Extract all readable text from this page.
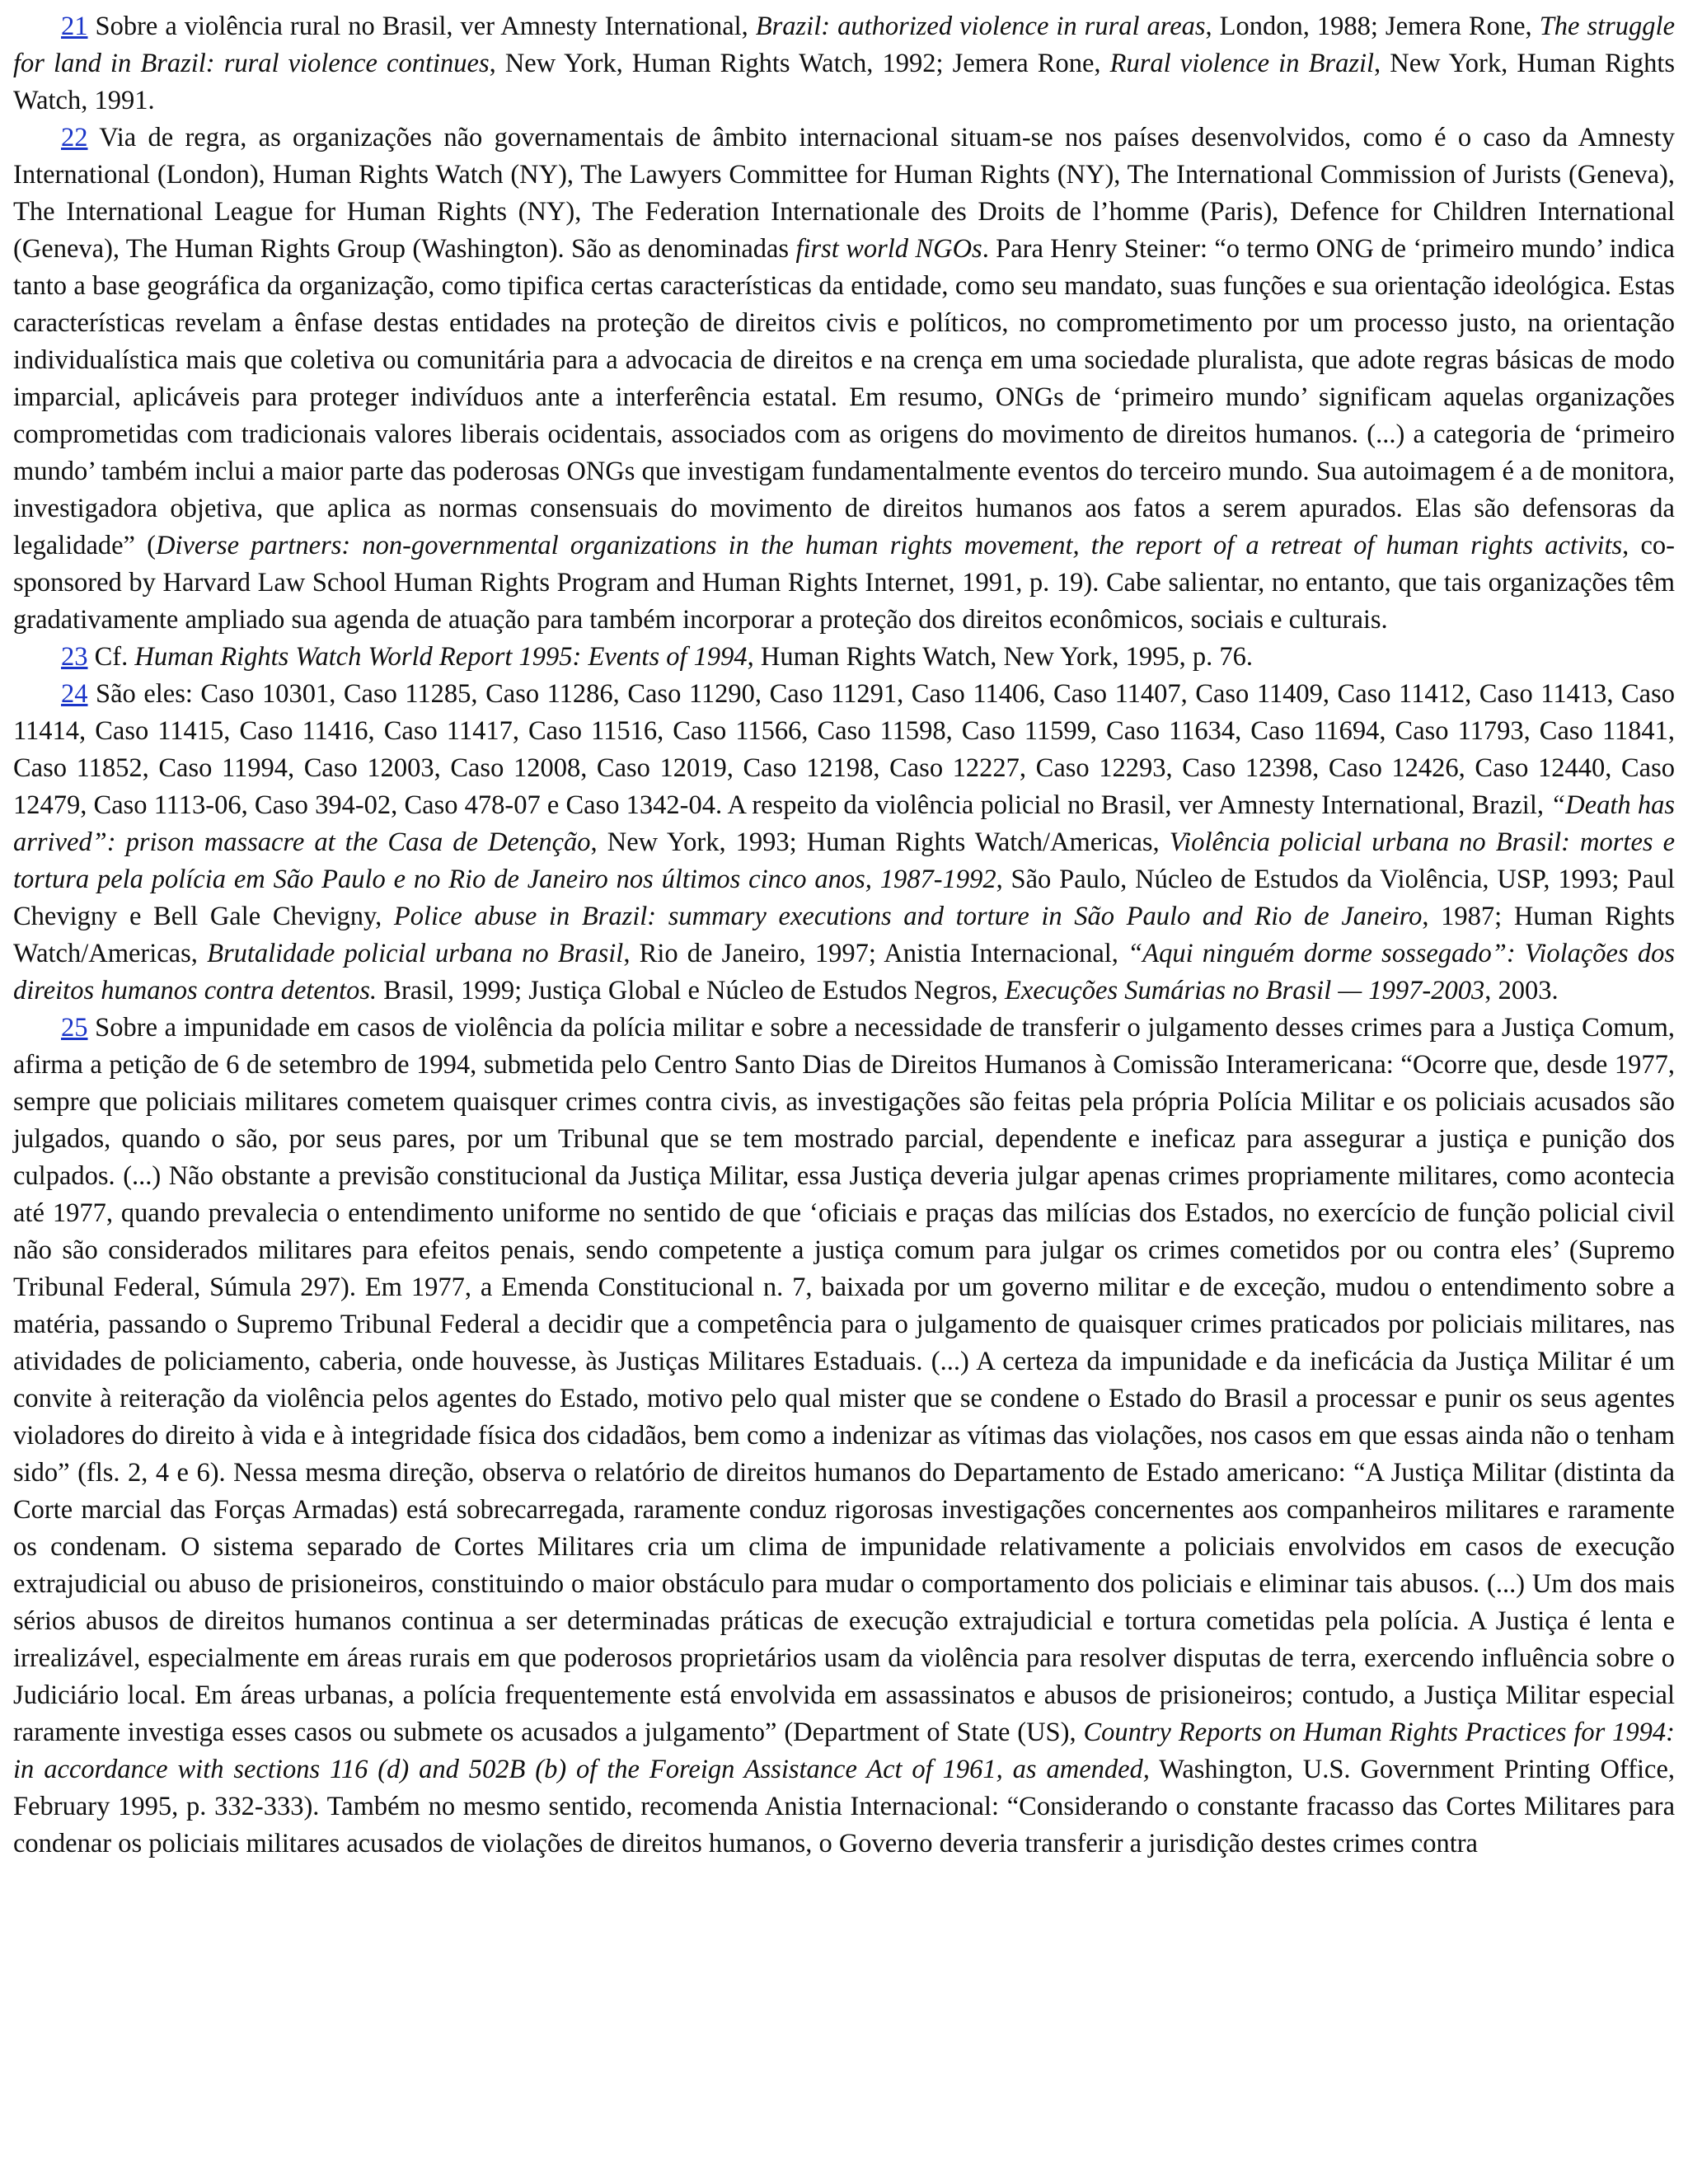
21 Sobre a violência rural no Brasil, ver Amnesty International, Brazil: authorized violence in rural areas, London, 1988; Jemera Rone, The struggle for land in Brazil: rural violence continues, New York, Human Rights Watch, 1992; Jemera Rone, Rural violence in Brazil, New York, Human Rights Watch, 1991.

22 Via de regra, as organizações não governamentais de âmbito internacional situam-se nos países desenvolvidos, como é o caso da Amnesty International (London), Human Rights Watch (NY), The Lawyers Committee for Human Rights (NY), The International Commission of Jurists (Geneva), The International League for Human Rights (NY), The Federation Internationale des Droits de l’homme (Paris), Defence for Children International (Geneva), The Human Rights Group (Washington). São as denominadas first world NGOs. Para Henry Steiner: “o termo ONG de ‘primeiro mundo’ indica tanto a base geográfica da organização, como tipifica certas características da entidade, como seu mandato, suas funções e sua orientação ideológica. Estas características revelam a ênfase destas entidades na proteção de direitos civis e políticos, no comprometimento por um processo justo, na orientação individualística mais que coletiva ou comunitária para a advocacia de direitos e na crença em uma sociedade pluralista, que adote regras básicas de modo imparcial, aplicáveis para proteger indivíduos ante a interferência estatal. Em resumo, ONGs de ‘primeiro mundo’ significam aquelas organizações comprometidas com tradicionais valores liberais ocidentais, associados com as origens do movimento de direitos humanos. (...) a categoria de ‘primeiro mundo’ também inclui a maior parte das poderosas ONGs que investigam fundamentalmente eventos do terceiro mundo. Sua autoimagem é a de monitora, investigadora objetiva, que aplica as normas consensuais do movimento de direitos humanos aos fatos a serem apurados. Elas são defensoras da legalidade” (Diverse partners: non-governmental organizations in the human rights movement, the report of a retreat of human rights activits, co-sponsored by Harvard Law School Human Rights Program and Human Rights Internet, 1991, p. 19). Cabe salientar, no entanto, que tais organizações têm gradativamente ampliado sua agenda de atuação para também incorporar a proteção dos direitos econômicos, sociais e culturais.

23 Cf. Human Rights Watch World Report 1995: Events of 1994, Human Rights Watch, New York, 1995, p. 76.

24 São eles: Caso 10301, Caso 11285, Caso 11286, Caso 11290, Caso 11291, Caso 11406, Caso 11407, Caso 11409, Caso 11412, Caso 11413, Caso 11414, Caso 11415, Caso 11416, Caso 11417, Caso 11516, Caso 11566, Caso 11598, Caso 11599, Caso 11634, Caso 11694, Caso 11793, Caso 11841, Caso 11852, Caso 11994, Caso 12003, Caso 12008, Caso 12019, Caso 12198, Caso 12227, Caso 12293, Caso 12398, Caso 12426, Caso 12440, Caso 12479, Caso 1113-06, Caso 394-02, Caso 478-07 e Caso 1342-04. A respeito da violência policial no Brasil, ver Amnesty International, Brazil, “Death has arrived”: prison massacre at the Casa de Detenção, New York, 1993; Human Rights Watch/Americas, Violência policial urbana no Brasil: mortes e tortura pela polícia em São Paulo e no Rio de Janeiro nos últimos cinco anos, 1987-1992, São Paulo, Núcleo de Estudos da Violência, USP, 1993; Paul Chevigny e Bell Gale Chevigny, Police abuse in Brazil: summary executions and torture in São Paulo and Rio de Janeiro, 1987; Human Rights Watch/Americas, Brutalidade policial urbana no Brasil, Rio de Janeiro, 1997; Anistia Internacional, “Aqui ninguém dorme sossegado”: Violações dos direitos humanos contra detentos. Brasil, 1999; Justiça Global e Núcleo de Estudos Negros, Execuções Sumárias no Brasil — 1997-2003, 2003.

25 Sobre a impunidade em casos de violência da polícia militar e sobre a necessidade de transferir o julgamento desses crimes para a Justiça Comum, afirma a petição de 6 de setembro de 1994, submetida pelo Centro Santo Dias de Direitos Humanos à Comissão Interamericana: “Ocorre que, desde 1977, sempre que policiais militares cometem quaisquer crimes contra civis, as investigações são feitas pela própria Polícia Militar e os policiais acusados são julgados, quando o são, por seus pares, por um Tribunal que se tem mostrado parcial, dependente e ineficaz para assegurar a justiça e punição dos culpados. (...) Não obstante a previsão constitucional da Justiça Militar, essa Justiça deveria julgar apenas crimes propriamente militares, como acontecia até 1977, quando prevalecia o entendimento uniforme no sentido de que ‘oficiais e praças das milícias dos Estados, no exercício de função policial civil não são considerados militares para efeitos penais, sendo competente a justiça comum para julgar os crimes cometidos por ou contra eles’ (Supremo Tribunal Federal, Súmula 297). Em 1977, a Emenda Constitucional n. 7, baixada por um governo militar e de exceção, mudou o entendimento sobre a matéria, passando o Supremo Tribunal Federal a decidir que a competência para o julgamento de quaisquer crimes praticados por policiais militares, nas atividades de policiamento, caberia, onde houvesse, às Justiças Militares Estaduais. (...) A certeza da impunidade e da ineficácia da Justiça Militar é um convite à reiteração da violência pelos agentes do Estado, motivo pelo qual mister que se condene o Estado do Brasil a processar e punir os seus agentes violadores do direito à vida e à integridade física dos cidadãos, bem como a indenizar as vítimas das violações, nos casos em que essas ainda não o tenham sido” (fls. 2, 4 e 6). Nessa mesma direção, observa o relatório de direitos humanos do Departamento de Estado americano: “A Justiça Militar (distinta da Corte marcial das Forças Armadas) está sobrecarregada, raramente conduz rigorosas investigações concernentes aos companheiros militares e raramente os condenam. O sistema separado de Cortes Militares cria um clima de impunidade relativamente a policiais envolvidos em casos de execução extrajudicial ou abuso de prisioneiros, constituindo o maior obstáculo para mudar o comportamento dos policiais e eliminar tais abusos. (...) Um dos mais sérios abusos de direitos humanos continua a ser determinadas práticas de execução extrajudicial e tortura cometidas pela polícia. A Justiça é lenta e irrealizável, especialmente em áreas rurais em que poderosos proprietários usam da violência para resolver disputas de terra, exercendo influência sobre o Judiciário local. Em áreas urbanas, a polícia frequentemente está envolvida em assassinatos e abusos de prisioneiros; contudo, a Justiça Militar especial raramente investiga esses casos ou submete os acusados a julgamento” (Department of State (US), Country Reports on Human Rights Practices for 1994: in accordance with sections 116 (d) and 502B (b) of the Foreign Assistance Act of 1961, as amended, Washington, U.S. Government Printing Office, February 1995, p. 332-333). Também no mesmo sentido, recomenda Anistia Internacional: “Considerando o constante fracasso das Cortes Militares para condenar os policiais militares acusados de violações de direitos humanos, o Governo deveria transferir a jurisdição destes crimes contra
